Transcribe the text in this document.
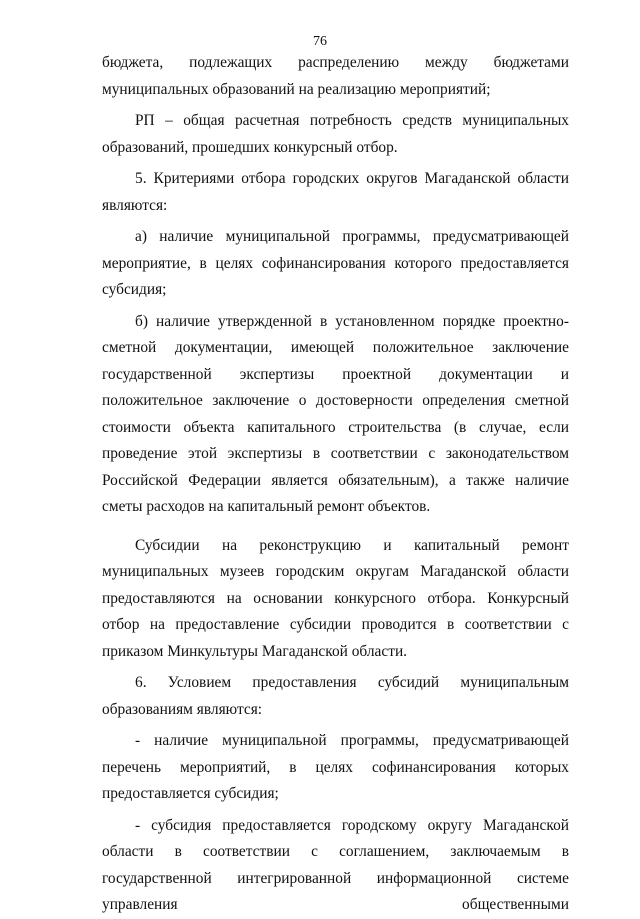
76

бюджета, подлежащих распределению между бюджетами муниципальных образований на реализацию мероприятий;

РП – общая расчетная потребность средств муниципальных образований, прошедших конкурсный отбор.

5. Критериями отбора городских округов Магаданской области являются:

а) наличие муниципальной программы, предусматривающей мероприятие, в целях софинансирования которого предоставляется субсидия;

б) наличие утвержденной в установленном порядке проектно-сметной документации, имеющей положительное заключение государственной экспертизы проектной документации и положительное заключение о достоверности определения сметной стоимости объекта капитального строительства (в случае, если проведение этой экспертизы в соответствии с законодательством Российской Федерации является обязательным), а также наличие сметы расходов на капитальный ремонт объектов.

Субсидии на реконструкцию и капитальный ремонт муниципальных музеев городским округам Магаданской области предоставляются на основании конкурсного отбора. Конкурсный отбор на предоставление субсидии проводится в соответствии с приказом Минкультуры Магаданской области.

6. Условием предоставления субсидий муниципальным образованиям являются:

- наличие муниципальной программы, предусматривающей перечень мероприятий, в целях софинансирования которых предоставляется субсидия;

- субсидия предоставляется городскому округу Магаданской области в соответствии с соглашением, заключаемым в государственной интегрированной информационной системе управления общественными
